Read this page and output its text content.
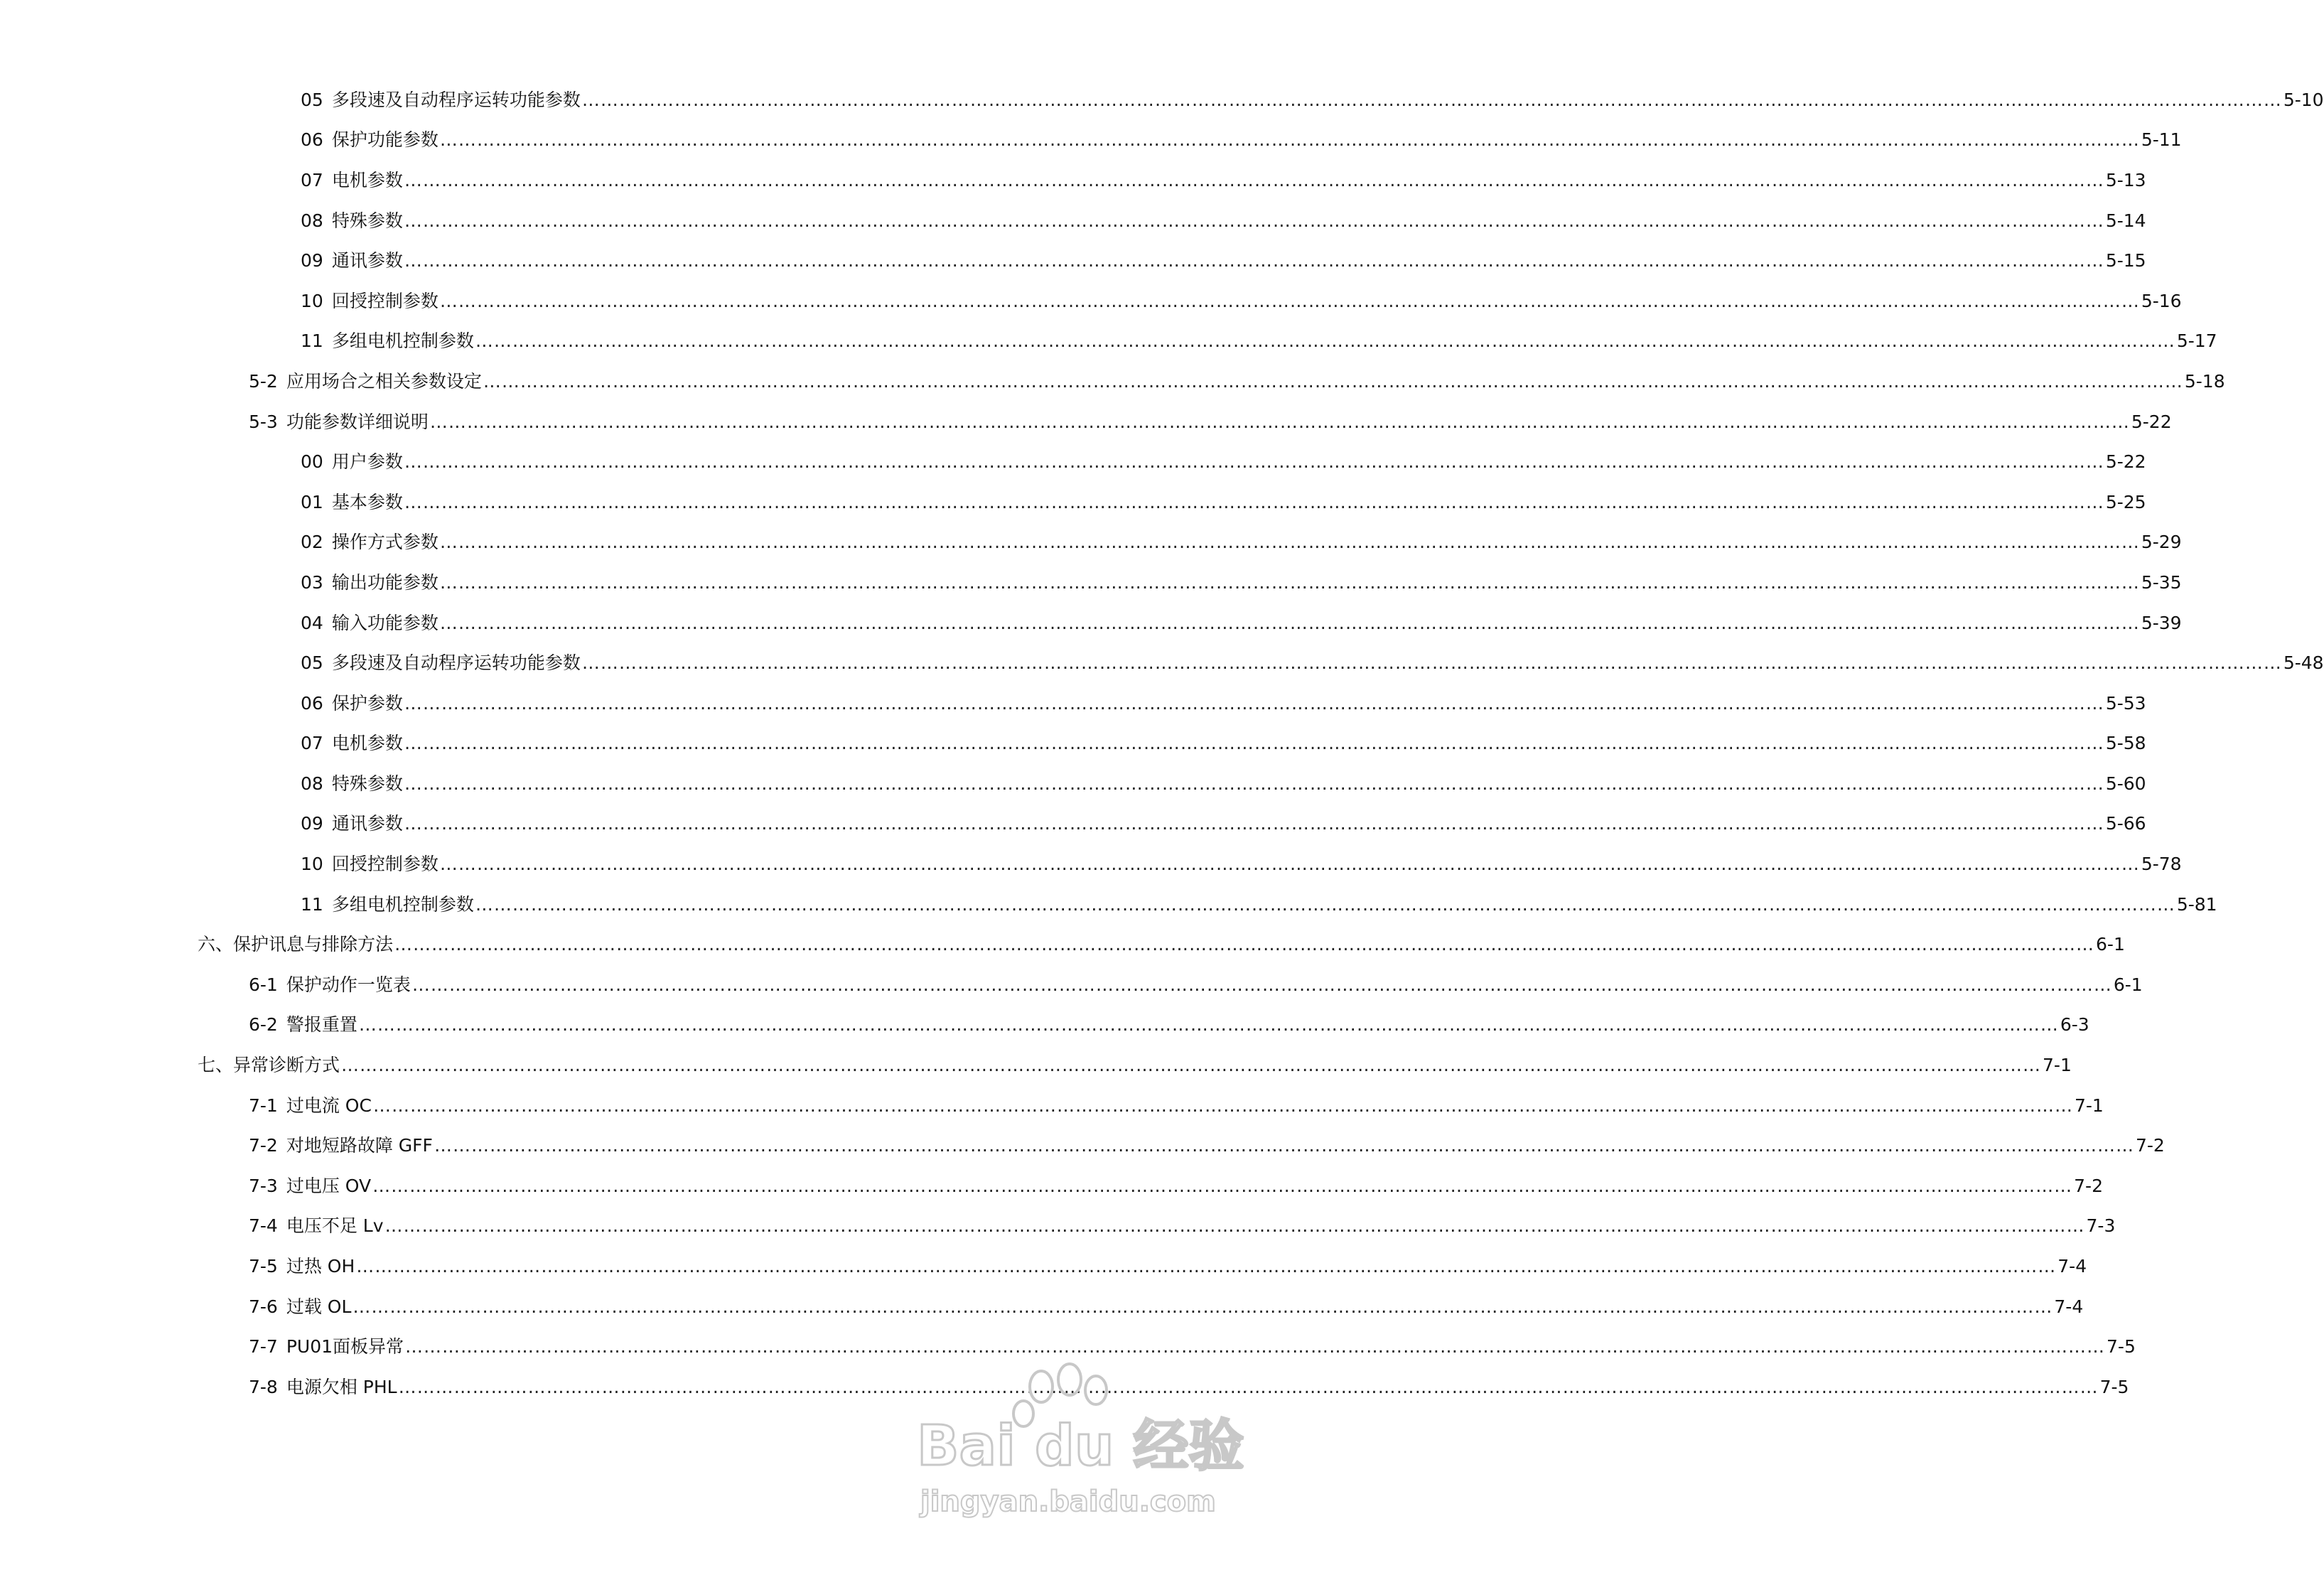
05 多段速及自动程序运转功能参数 ……………………………………………………………………………………………………………………………………………………………………………………………………………………………………………………	5-10
06 保护功能参数 ……………………………………………………………………………………………………………………………………………………………………………………………………………………………………………………	5-11
07 电机参数 ……………………………………………………………………………………………………………………………………………………………………………………………………………………………………………………	5-13
08 特殊参数 ……………………………………………………………………………………………………………………………………………………………………………………………………………………………………………………	5-14
09 通讯参数 ……………………………………………………………………………………………………………………………………………………………………………………………………………………………………………………	5-15
10 回授控制参数 ……………………………………………………………………………………………………………………………………………………………………………………………………………………………………………………	5-16
11 多组电机控制参数 ……………………………………………………………………………………………………………………………………………………………………………………………………………………………………………………	5-17
5-2 应用场合之相关参数设定 ……………………………………………………………………………………………………………………………………………………………………………………………………………………………………………………	5-18
5-3 功能参数详细说明 ……………………………………………………………………………………………………………………………………………………………………………………………………………………………………………………	5-22
00 用户参数 ……………………………………………………………………………………………………………………………………………………………………………………………………………………………………………………	5-22
01 基本参数 ……………………………………………………………………………………………………………………………………………………………………………………………………………………………………………………	5-25
02 操作方式参数 ……………………………………………………………………………………………………………………………………………………………………………………………………………………………………………………	5-29
03 输出功能参数 ……………………………………………………………………………………………………………………………………………………………………………………………………………………………………………………	5-35
04 输入功能参数 ……………………………………………………………………………………………………………………………………………………………………………………………………………………………………………………	5-39
05 多段速及自动程序运转功能参数 ……………………………………………………………………………………………………………………………………………………………………………………………………………………………………………………	5-48
06 保护参数 ……………………………………………………………………………………………………………………………………………………………………………………………………………………………………………………	5-53
07 电机参数 ……………………………………………………………………………………………………………………………………………………………………………………………………………………………………………………	5-58
08 特殊参数 ……………………………………………………………………………………………………………………………………………………………………………………………………………………………………………………	5-60
09 通讯参数 ……………………………………………………………………………………………………………………………………………………………………………………………………………………………………………………	5-66
10 回授控制参数 ……………………………………………………………………………………………………………………………………………………………………………………………………………………………………………………	5-78
11 多组电机控制参数 ……………………………………………………………………………………………………………………………………………………………………………………………………………………………………………………	5-81
六、 保护讯息与排除方法 ……………………………………………………………………………………………………………………………………………………………………………………………………………………………………………………	6-1
6-1 保护动作一览表 ……………………………………………………………………………………………………………………………………………………………………………………………………………………………………………………	6-1
6-2 警报重置 ……………………………………………………………………………………………………………………………………………………………………………………………………………………………………………………	6-3
七、 异常诊断方式 ……………………………………………………………………………………………………………………………………………………………………………………………………………………………………………………	7-1
7-1 过电流 OC ……………………………………………………………………………………………………………………………………………………………………………………………………………………………………………………	7-1
7-2 对地短路故障 GFF ……………………………………………………………………………………………………………………………………………………………………………………………………………………………………………………	7-2
7-3 过电压 OV ……………………………………………………………………………………………………………………………………………………………………………………………………………………………………………………	7-2
7-4 电压不足 Lv ……………………………………………………………………………………………………………………………………………………………………………………………………………………………………………………	7-3
7-5 过热 OH ……………………………………………………………………………………………………………………………………………………………………………………………………………………………………………………	7-4
7-6 过载 OL ……………………………………………………………………………………………………………………………………………………………………………………………………………………………………………………	7-4
7-7 PU01面板异常 ……………………………………………………………………………………………………………………………………………………………………………………………………………………………………………………	7-5
7-8 电源欠相 PHL ……………………………………………………………………………………………………………………………………………………………………………………………………………………………………………………	7-5
Bai du 经验
jingyan.baidu.com
